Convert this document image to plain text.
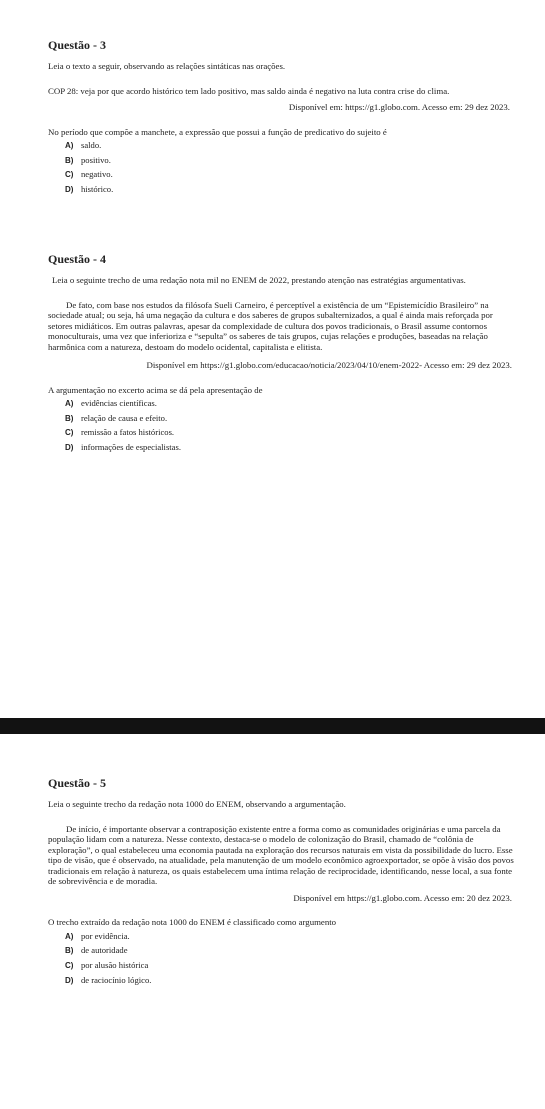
Questão - 3

Leia o texto a seguir, observando as relações sintáticas nas orações.

COP 28: veja por que acordo histórico tem lado positivo, mas saldo ainda é negativo na luta contra crise do clima.

Disponível em: https://g1.globo.com. Acesso em: 29 dez 2023.

No período que compõe a manchete, a expressão que possui a função de predicativo do sujeito é

A) saldo.
B) positivo.
C) negativo.
D) histórico.
Questão - 4

Leia o seguinte trecho de uma redação nota mil no ENEM de 2022, prestando atenção nas estratégias argumentativas.

De fato, com base nos estudos da filósofa Sueli Carneiro, é perceptível a existência de um “Epistemicídio Brasileiro” na sociedade atual; ou seja, há uma negação da cultura e dos saberes de grupos subalternizados, a qual é ainda mais reforçada por setores midiáticos. Em outras palavras, apesar da complexidade de cultura dos povos tradicionais, o Brasil assume contornos monoculturais, uma vez que inferioriza e “sepulta” os saberes de tais grupos, cujas relações e produções, baseadas na relação harmônica com a natureza, destoam do modelo ocidental, capitalista e elitista.

Disponível em https://g1.globo.com/educacao/noticia/2023/04/10/enem-2022- Acesso em: 29 dez 2023.

A argumentação no excerto acima se dá pela apresentação de

A) evidências científicas.
B) relação de causa e efeito.
C) remissão a fatos históricos.
D) informações de especialistas.
Questão - 5

Leia o seguinte trecho da redação nota 1000 do ENEM, observando a argumentação.

De início, é importante observar a contraposição existente entre a forma como as comunidades originárias e uma parcela da população lidam com a natureza. Nesse contexto, destaca-se o modelo de colonização do Brasil, chamado de “colônia de exploração”, o qual estabeleceu uma economia pautada na exploração dos recursos naturais em vista da possibilidade do lucro. Esse tipo de visão, que é observado, na atualidade, pela manutenção de um modelo econômico agroexportador, se opõe à visão dos povos tradicionais em relação à natureza, os quais estabelecem uma íntima relação de reciprocidade, identificando, nesse local, a sua fonte de sobrevivência e de moradia.

Disponível em https://g1.globo.com. Acesso em: 20 dez 2023.

O trecho extraído da redação nota 1000 do ENEM é classificado como argumento

A) por evidência.
B) de autoridade
C) por alusão histórica
D) de raciocínio lógico.
